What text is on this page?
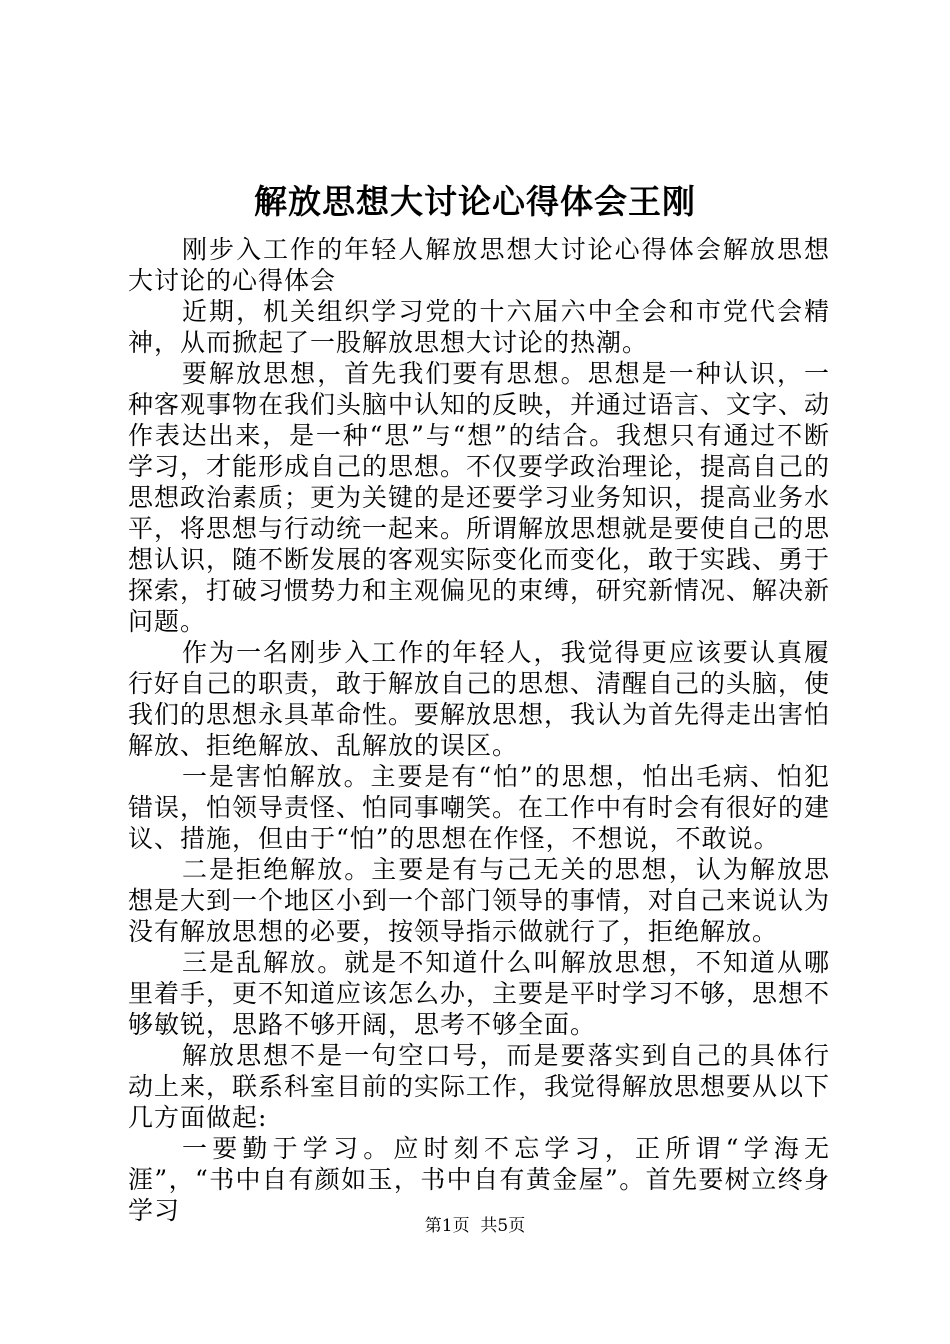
解放思想大讨论心得体会王刚

刚步入工作的年轻人解放思想大讨论心得体会解放思想大讨论的心得体会

近期，机关组织学习党的十六届六中全会和市党代会精神，从而掀起了一股解放思想大讨论的热潮。

要解放思想，首先我们要有思想。思想是一种认识，一种客观事物在我们头脑中认知的反映，并通过语言、文字、动作表达出来，是一种“思”与“想”的结合。我想只有通过不断学习，才能形成自己的思想。不仅要学政治理论，提高自己的思想政治素质；更为关键的是还要学习业务知识，提高业务水平，将思想与行动统一起来。所谓解放思想就是要使自己的思想认识，随不断发展的客观实际变化而变化，敢于实践、勇于探索，打破习惯势力和主观偏见的束缚，研究新情况、解决新问题。

作为一名刚步入工作的年轻人，我觉得更应该要认真履行好自己的职责，敢于解放自己的思想、清醒自己的头脑，使我们的思想永具革命性。要解放思想，我认为首先得走出害怕解放、拒绝解放、乱解放的误区。

一是害怕解放。主要是有“怕”的思想，怕出毛病、怕犯错误，怕领导责怪、怕同事嘲笑。在工作中有时会有很好的建议、措施，但由于“怕”的思想在作怪，不想说，不敢说。

二是拒绝解放。主要是有与己无关的思想，认为解放思想是大到一个地区小到一个部门领导的事情，对自己来说认为没有解放思想的必要，按领导指示做就行了，拒绝解放。

三是乱解放。就是不知道什么叫解放思想，不知道从哪里着手，更不知道应该怎么办，主要是平时学习不够，思想不够敏锐，思路不够开阔，思考不够全面。

解放思想不是一句空口号，而是要落实到自己的具体行动上来，联系科室目前的实际工作，我觉得解放思想要从以下几方面做起:

一要勤于学习。应时刻不忘学习，正所谓“学海无涯”，“书中自有颜如玉，书中自有黄金屋”。首先要树立终身学习

第1页 共5页
